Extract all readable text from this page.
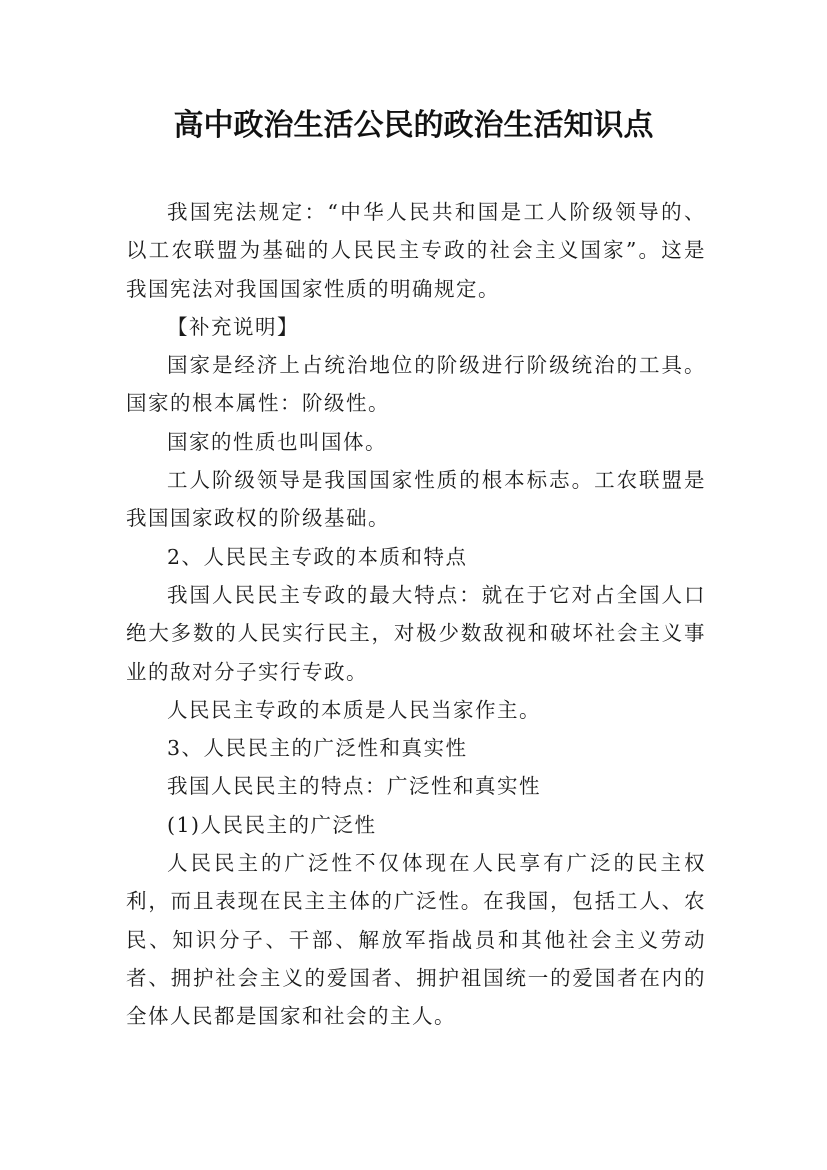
高中政治生活公民的政治生活知识点

我国宪法规定：“中华人民共和国是工人阶级领导的、以工农联盟为基础的人民民主专政的社会主义国家”。这是我国宪法对我国国家性质的明确规定。

【补充说明】

国家是经济上占统治地位的阶级进行阶级统治的工具。国家的根本属性：阶级性。

国家的性质也叫国体。

工人阶级领导是我国国家性质的根本标志。工农联盟是我国国家政权的阶级基础。

2、人民民主专政的本质和特点

我国人民民主专政的最大特点：就在于它对占全国人口绝大多数的人民实行民主，对极少数敌视和破坏社会主义事业的敌对分子实行专政。

人民民主专政的本质是人民当家作主。

3、人民民主的广泛性和真实性

我国人民民主的特点：广泛性和真实性

(1)人民民主的广泛性

人民民主的广泛性不仅体现在人民享有广泛的民主权利，而且表现在民主主体的广泛性。在我国，包括工人、农民、知识分子、干部、解放军指战员和其他社会主义劳动者、拥护社会主义的爱国者、拥护祖国统一的爱国者在内的全体人民都是国家和社会的主人。
